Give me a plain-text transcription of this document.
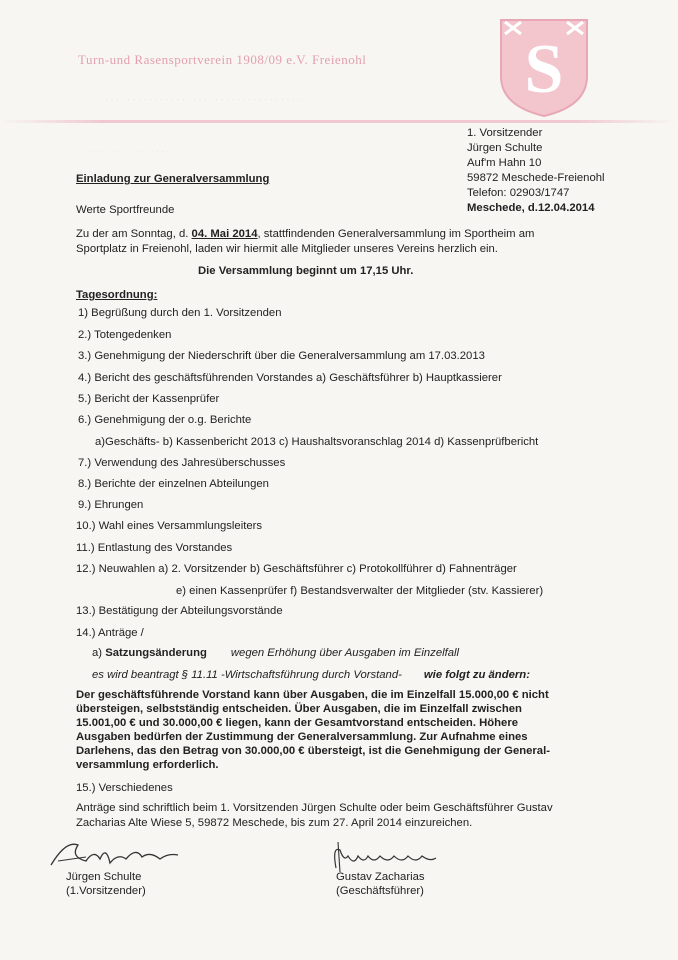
Turn-und Rasensportverein 1908/09 e.V. Freienohl
· · · · · · · · · · · · · · · · · · · · · · · · · · · · · · · · · · · ·	S
1. Vorsitzender
Jürgen Schulte
Auf'm Hahn 10
59872 Meschede-Freienohl
Telefon: 02903/1747
Meschede, d.12.04.2014
· · · · · · · · · · · · · · · · · · · · ·
Einladung zur Generalversammlung
Werte Sportfreunde
Zu der am Sonntag, d. 04. Mai 2014, stattfindenden Generalversammlung im Sportheim am
Sportplatz in Freienohl, laden wir hiermit alle Mitglieder unseres Vereins herzlich ein.
Die Versammlung beginnt um 17,15 Uhr.
Tagesordnung:
1) Begrüßung durch den 1. Vorsitzenden
2.) Totengedenken
3.) Genehmigung der Niederschrift über die Generalversammlung am 17.03.2013
4.) Bericht des geschäftsführenden Vorstandes a) Geschäftsführer b) Hauptkassierer
5.) Bericht der Kassenprüfer
6.) Genehmigung der o.g. Berichte
a)Geschäfts- b) Kassenbericht 2013 c) Haushaltsvoranschlag 2014 d) Kassenprüfbericht
7.) Verwendung des Jahresüberschusses
8.) Berichte der einzelnen Abteilungen
9.) Ehrungen
10.) Wahl eines Versammlungsleiters
11.) Entlastung des Vorstandes
12.) Neuwahlen a) 2. Vorsitzender b) Geschäftsführer c) Protokollführer d) Fahnenträger
e) einen Kassenprüfer f) Bestandsverwalter der Mitglieder (stv. Kassierer)
13.) Bestätigung der Abteilungsvorstände
14.) Anträge /
a) Satzungsänderung wegen Erhöhung über Ausgaben im Einzelfall
es wird beantragt § 11.11 -Wirtschaftsführung durch Vorstand- wie folgt zu ändern:
Der geschäftsführende Vorstand kann über Ausgaben, die im Einzelfall 15.000,00 € nicht
übersteigen, selbstständig entscheiden. Über Ausgaben, die im Einzelfall zwischen
15.001,00 € und 30.000,00 € liegen, kann der Gesamtvorstand entscheiden. Höhere
Ausgaben bedürfen der Zustimmung der Generalversammlung. Zur Aufnahme eines
Darlehens, das den Betrag von 30.000,00 € übersteigt, ist die Genehmigung der General-
versammlung erforderlich.
15.) Verschiedenes
Anträge sind schriftlich beim 1. Vorsitzenden Jürgen Schulte oder beim Geschäftsführer Gustav
Zacharias Alte Wiese 5, 59872 Meschede, bis zum 27. April 2014 einzureichen.
Jürgen Schulte
(1.Vorsitzender)
Gustav Zacharias
(Geschäftsführer)
